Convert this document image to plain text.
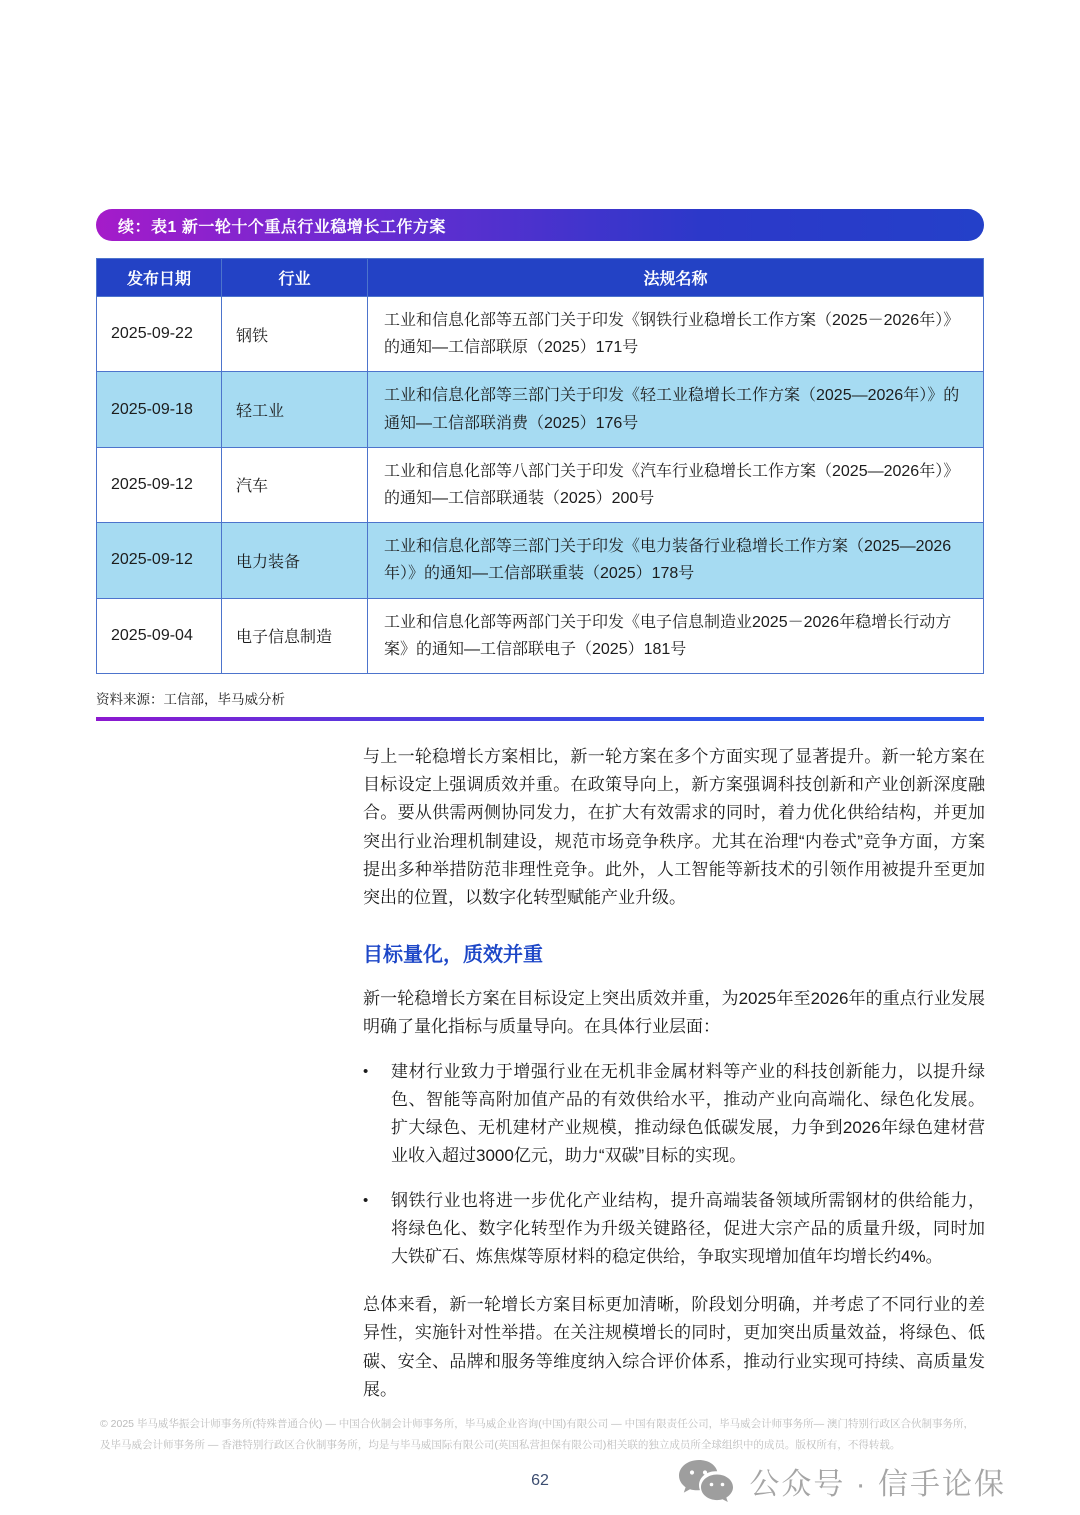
续：表1 新一轮十个重点行业稳增长工作方案
发布日期	行业	法规名称
2025-09-22	钢铁	工业和信息化部等五部门关于印发《钢铁行业稳增长工作方案（2025－2026年）》的通知—工信部联原（2025）171号
2025-09-18	轻工业	工业和信息化部等三部门关于印发《轻工业稳增长工作方案（2025—2026年）》的通知—工信部联消费（2025）176号
2025-09-12	汽车	工业和信息化部等八部门关于印发《汽车行业稳增长工作方案（2025—2026年）》的通知—工信部联通装（2025）200号
2025-09-12	电力装备	工业和信息化部等三部门关于印发《电力装备行业稳增长工作方案（2025—2026年）》的通知—工信部联重装（2025）178号
2025-09-04	电子信息制造	工业和信息化部等两部门关于印发《电子信息制造业2025－2026年稳增长行动方案》的通知—工信部联电子（2025）181号
资料来源：工信部，毕马威分析

与上一轮稳增长方案相比，新一轮方案在多个方面实现了显著提升。新一轮方案在目标设定上强调质效并重。在政策导向上，新方案强调科技创新和产业创新深度融合。要从供需两侧协同发力，在扩大有效需求的同时，着力优化供给结构，并更加突出行业治理机制建设，规范市场竞争秩序。尤其在治理“内卷式”竞争方面，方案提出多种举措防范非理性竞争。此外，人工智能等新技术的引领作用被提升至更加突出的位置，以数字化转型赋能产业升级。

目标量化，质效并重

新一轮稳增长方案在目标设定上突出质效并重，为2025年至2026年的重点行业发展明确了量化指标与质量导向。在具体行业层面：

•	建材行业致力于增强行业在无机非金属材料等产业的科技创新能力，以提升绿色、智能等高附加值产品的有效供给水平，推动产业向高端化、绿色化发展。扩大绿色、无机建材产业规模，推动绿色低碳发展，力争到2026年绿色建材营业收入超过3000亿元，助力“双碳”目标的实现。
•	钢铁行业也将进一步优化产业结构，提升高端装备领域所需钢材的供给能力，将绿色化、数字化转型作为升级关键路径，促进大宗产品的质量升级，同时加大铁矿石、炼焦煤等原材料的稳定供给，争取实现增加值年均增长约4%。

总体来看，新一轮增长方案目标更加清晰，阶段划分明确，并考虑了不同行业的差异性，实施针对性举措。在关注规模增长的同时，更加突出质量效益，将绿色、低碳、安全、品牌和服务等维度纳入综合评价体系，推动行业实现可持续、高质量发展。

© 2025 毕马威华振会计师事务所(特殊普通合伙) — 中国合伙制会计师事务所，毕马威企业咨询(中国)有限公司 — 中国有限责任公司，毕马威会计师事务所— 澳门特别行政区合伙制事务所，
及毕马威会计师事务所 — 香港特别行政区合伙制事务所，均是与毕马威国际有限公司(英国私营担保有限公司)相关联的独立成员所全球组织中的成员。版权所有，不得转载。
62	公众号 · 信手论保
